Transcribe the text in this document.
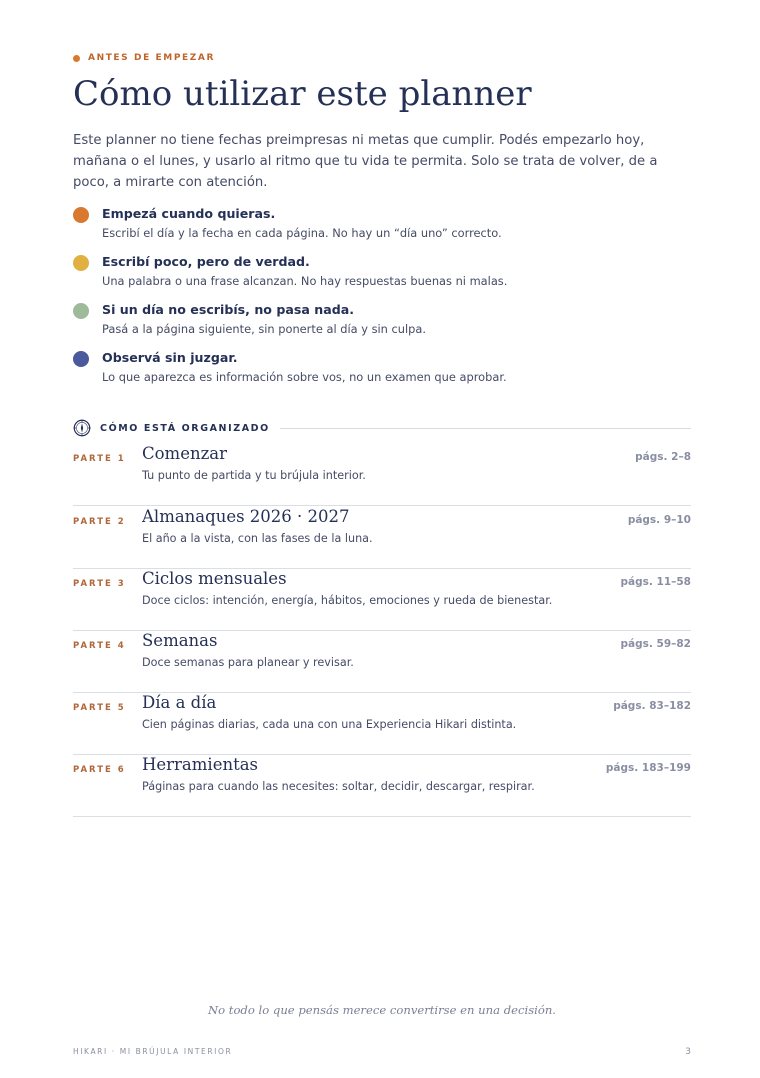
ANTES DE EMPEZAR
Cómo utilizar este planner
Este planner no tiene fechas preimpresas ni metas que cumplir. Podés empezarlo hoy, mañana o el lunes, y usarlo al ritmo que tu vida te permita. Solo se trata de volver, de a poco, a mirarte con atención.
Empezá cuando quieras.
Escribí el día y la fecha en cada página. No hay un “día uno” correcto.
Escribí poco, pero de verdad.
Una palabra o una frase alcanzan. No hay respuestas buenas ni malas.
Si un día no escribís, no pasa nada.
Pasá a la página siguiente, sin ponerte al día y sin culpa.
Observá sin juzgar.
Lo que aparezca es información sobre vos, no un examen que aprobar.
CÓMO ESTÁ ORGANIZADO
PARTE 1 Comenzar
Tu punto de partida y tu brújula interior.
págs. 2–8
PARTE 2 Almanaques 2026 · 2027
El año a la vista, con las fases de la luna.
págs. 9–10
PARTE 3 Ciclos mensuales
Doce ciclos: intención, energía, hábitos, emociones y rueda de bienestar.
págs. 11–58
PARTE 4 Semanas
Doce semanas para planear y revisar.
págs. 59–82
PARTE 5 Día a día
Cien páginas diarias, cada una con una Experiencia Hikari distinta.
págs. 83–182
PARTE 6 Herramientas
Páginas para cuando las necesites: soltar, decidir, descargar, respirar.
págs. 183–199
No todo lo que pensás merece convertirse en una decisión.
HIKARI · MI BRÚJULA INTERIOR	3
